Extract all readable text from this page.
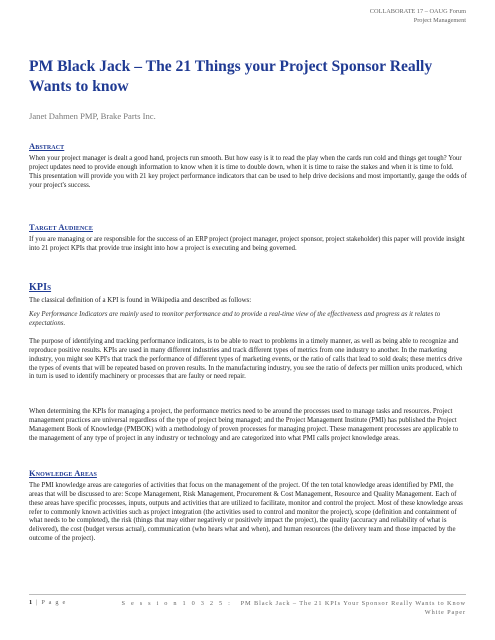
COLLABORATE 17 – OAUG Forum
Project Management
PM Black Jack – The 21 Things your Project Sponsor Really Wants to know
Janet Dahmen PMP, Brake Parts Inc.
Abstract

When your project manager is dealt a good hand, projects run smooth. But how easy is it to read the play when the cards run cold and things get tough? Your project updates need to provide enough information to know when it is time to double down, when it is time to raise the stakes and when it is time to fold. This presentation will provide you with 21 key project performance indicators that can be used to help drive decisions and most importantly, gauge the odds of your project's success.

Target Audience

If you are managing or are responsible for the success of an ERP project (project manager, project sponsor, project stakeholder) this paper will provide insight into 21 project KPIs that provide true insight into how a project is executing and being governed.

KPIs

The classical definition of a KPI is found in Wikipedia and described as follows:

Key Performance Indicators are mainly used to monitor performance and to provide a real-time view of the effectiveness and progress as it relates to expectations.

The purpose of identifying and tracking performance indicators, is to be able to react to problems in a timely manner, as well as being able to recognize and reproduce positive results. KPIs are used in many different industries and track different types of metrics from one industry to another. In the marketing industry, you might see KPI's that track the performance of different types of marketing events, or the ratio of calls that lead to sold deals; these metrics drive the types of events that will be repeated based on proven results. In the manufacturing industry, you see the ratio of defects per million units produced, which in turn is used to identify machinery or processes that are faulty or need repair.

When determining the KPIs for managing a project, the performance metrics need to be around the processes used to manage tasks and resources. Project management practices are universal regardless of the type of project being managed; and the Project Management Institute (PMI) has published the Project Management Book of Knowledge (PMBOK) with a methodology of proven processes for managing project. These management processes are applicable to the management of any type of project in any industry or technology and are categorized into what PMI calls project knowledge areas.

Knowledge Areas

The PMI knowledge areas are categories of activities that focus on the management of the project. Of the ten total knowledge areas identified by PMI, the areas that will be discussed to are: Scope Management, Risk Management, Procurement & Cost Management, Resource and Quality Management. Each of these areas have specific processes, inputs, outputs and activities that are utilized to facilitate, monitor and control the project. Most of these knowledge areas refer to commonly known activities such as project integration (the activities used to control and monitor the project), scope (definition and containment of what needs to be completed), the risk (things that may either negatively or positively impact the project), the quality (accuracy and reliability of what is delivered), the cost (budget versus actual), communication (who hears what and when), and human resources (the delivery team and those impacted by the outcome of the project).

1 | P a g e	S e s s i o n 1 0 3 2 5 : PM Black Jack – The 21 KPIs Your Sponsor Really Wants to Know
White Paper
